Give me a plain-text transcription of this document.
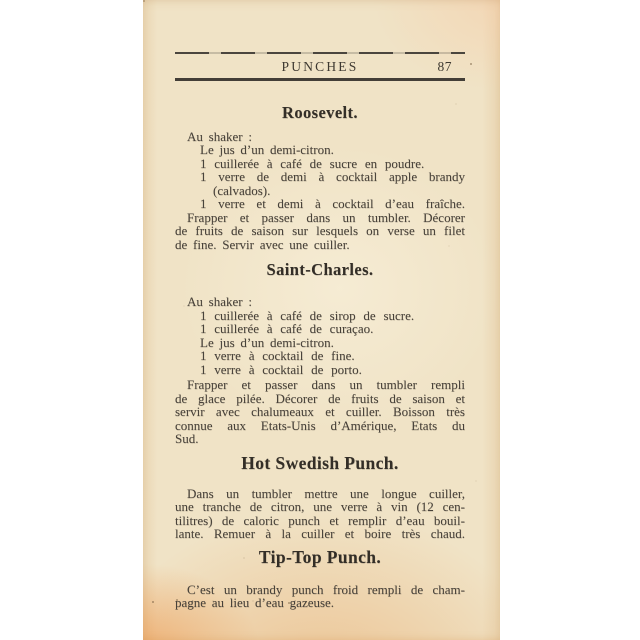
PUNCHES	87
Roosevelt.
Au shaker :
Le jus d’un demi-citron.
1 cuillerée à café de sucre en poudre.
1 verre de demi à cocktail apple brandy
(calvados).
1 verre et demi à cocktail d’eau fraîche.
Frapper et passer dans un tumbler. Décorer
de fruits de saison sur lesquels on verse un filet
de fine. Servir avec une cuiller.
Saint-Charles.
Au shaker :
1 cuillerée à café de sirop de sucre.
1 cuillerée à café de curaçao.
Le jus d’un demi-citron.
1 verre à cocktail de fine.
1 verre à cocktail de porto.
Frapper et passer dans un tumbler rempli
de glace pilée. Décorer de fruits de saison et
servir avec chalumeaux et cuiller. Boisson très
connue aux Etats-Unis d’Amérique, Etats du
Sud.
Hot Swedish Punch.
Dans un tumbler mettre une longue cuiller,
une tranche de citron, une verre à vin (12 cen-
tilitres) de caloric punch et remplir d’eau bouil-
lante. Remuer à la cuiller et boire très chaud.
Tip-Top Punch.
C’est un brandy punch froid rempli de cham-
pagne au lieu d’eau gazeuse.
